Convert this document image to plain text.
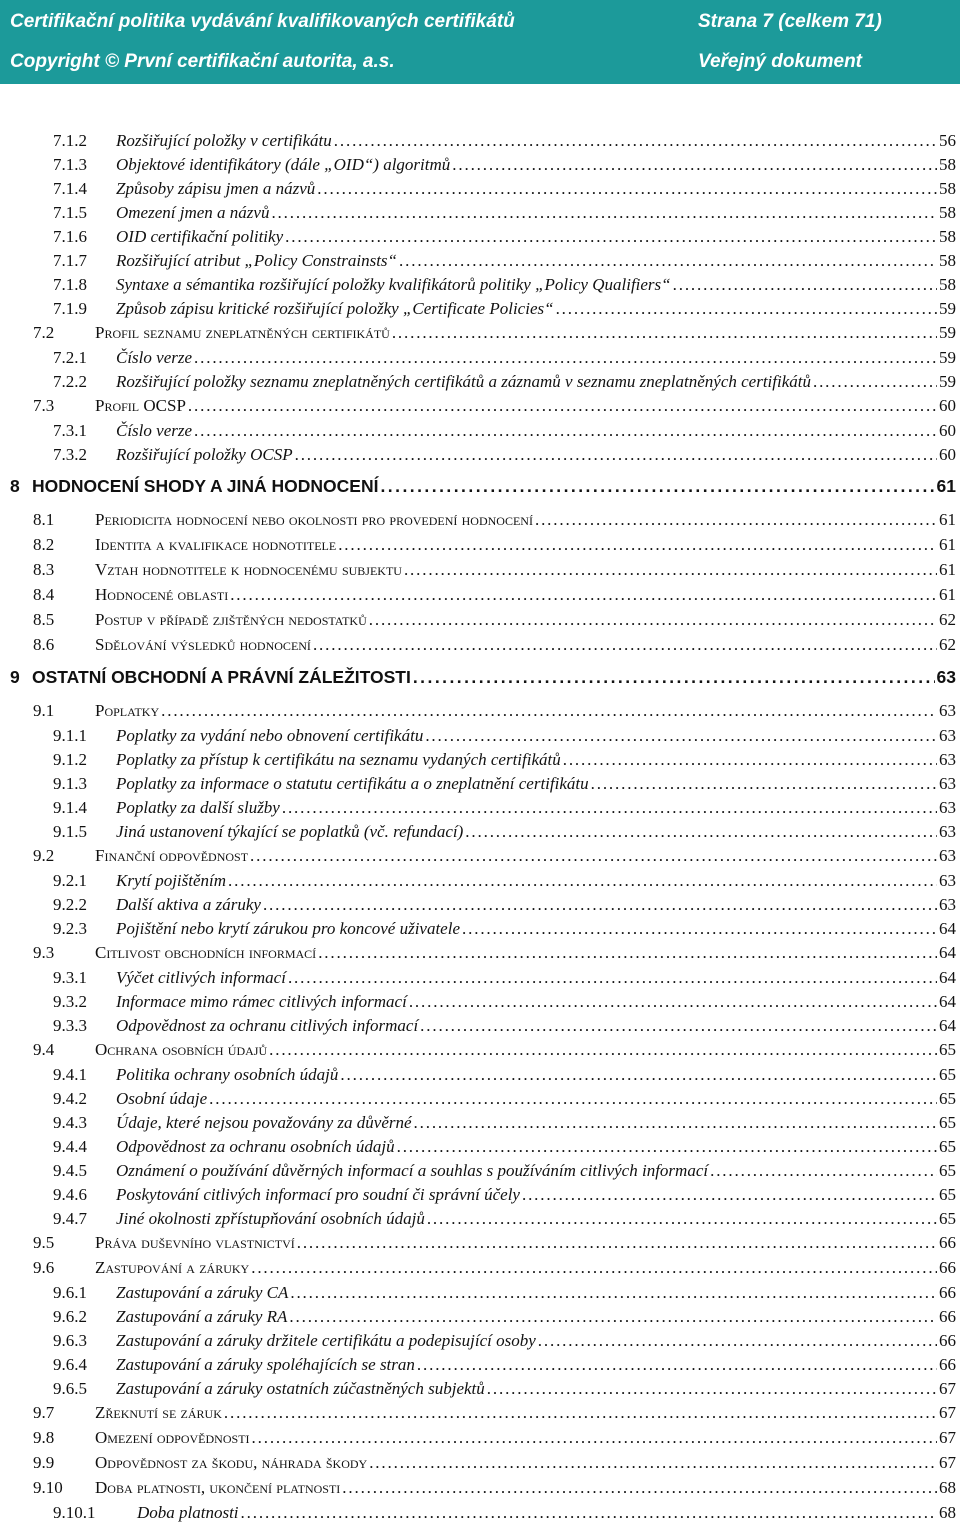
Certifikační politika vydávání kvalifikovaných certifikátů	Strana 7 (celkem 71)
Copyright © První certifikační autorita, a.s.	Veřejný dokument
7.1.2 Rozšiřující položky v certifikátu . . .	56
7.1.3 Objektové identifikátory (dále „OID“) algoritmů . . .	58
7.1.4 Způsoby zápisu jmen a názvů . . .	58
7.1.5 Omezení jmen a názvů . . .	58
7.1.6 OID certifikační politiky . . .	58
7.1.7 Rozšiřující atribut „Policy Constrainsts“ . . .	58
7.1.8 Syntaxe a sémantika rozšiřující položky kvalifikátorů politiky „Policy Qualifiers“ . . .	58
7.1.9 Způsob zápisu kritické rozšiřující položky „Certificate Policies“ . . .	59
7.2 Profil seznamu zneplatněných certifikátů . . .	59
7.2.1 Číslo verze . . .	59
7.2.2 Rozšiřující položky seznamu zneplatněných certifikátů a záznamů v seznamu zneplatněných certifikátů . . .	59
7.3 Profil OCSP . . .	60
7.3.1 Číslo verze . . .	60
7.3.2 Rozšiřující položky OCSP . . .	60
8 HODNOCENÍ SHODY A JINÁ HODNOCENÍ . . .	61
8.1 Periodicita hodnocení nebo okolnosti pro provedení hodnocení . . .	61
8.2 Identita a kvalifikace hodnotitele . . .	61
8.3 Vztah hodnotitele k hodnocenému subjektu . . .	61
8.4 Hodnocené oblasti . . .	61
8.5 Postup v případě zjištěných nedostatků . . .	62
8.6 Sdělování výsledků hodnocení . . .	62
9 OSTATNÍ OBCHODNÍ A PRÁVNÍ ZÁLEŽITOSTI . . .	63
9.1 Poplatky . . .	63
9.1.1 Poplatky za vydání nebo obnovení certifikátu . . .	63
9.1.2 Poplatky za přístup k certifikátu na seznamu vydaných certifikátů . . .	63
9.1.3 Poplatky za informace o statutu certifikátu a o zneplatnění certifikátu . . .	63
9.1.4 Poplatky za další služby . . .	63
9.1.5 Jiná ustanovení týkající se poplatků (vč. refundací) . . .	63
9.2 Finanční odpovědnost . . .	63
9.2.1 Krytí pojištěním . . .	63
9.2.2 Další aktiva a záruky . . .	63
9.2.3 Pojištění nebo krytí zárukou pro koncové uživatele . . .	64
9.3 Citlivost obchodních informací . . .	64
9.3.1 Výčet citlivých informací . . .	64
9.3.2 Informace mimo rámec citlivých informací . . .	64
9.3.3 Odpovědnost za ochranu citlivých informací . . .	64
9.4 Ochrana osobních údajů . . .	65
9.4.1 Politika ochrany osobních údajů . . .	65
9.4.2 Osobní údaje . . .	65
9.4.3 Údaje, které nejsou považovány za důvěrné . . .	65
9.4.4 Odpovědnost za ochranu osobních údajů . . .	65
9.4.5 Oznámení o používání důvěrných informací a souhlas s používáním citlivých informací . . .	65
9.4.6 Poskytování citlivých informací pro soudní či správní účely . . .	65
9.4.7 Jiné okolnosti zpřístupňování osobních údajů . . .	65
9.5 Práva duševního vlastnictví . . .	66
9.6 Zastupování a záruky . . .	66
9.6.1 Zastupování a záruky CA . . .	66
9.6.2 Zastupování a záruky RA . . .	66
9.6.3 Zastupování a záruky držitele certifikátu a podepisující osoby . . .	66
9.6.4 Zastupování a záruky spoléhajících se stran . . .	66
9.6.5 Zastupování a záruky ostatních zúčastněných subjektů . . .	67
9.7 Zřeknutí se záruk . . .	67
9.8 Omezení odpovědnosti . . .	67
9.9 Odpovědnost za škodu, náhrada škody . . .	67
9.10 Doba platnosti, ukončení platnosti . . .	68
9.10.1 Doba platnosti . . .	68
